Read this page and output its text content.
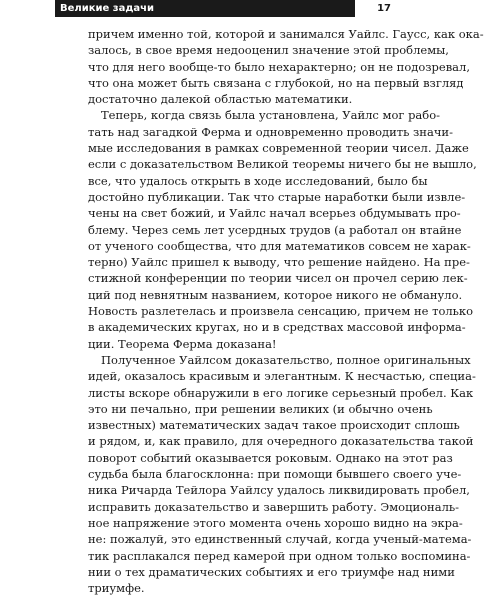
Великие задачи	17
причем именно той, которой и занимался Уайлс. Гаусс, как ока-
залось, в свое время недооценил значение этой проблемы,
что для него вообще-то было нехарактерно; он не подозревал,
что она может быть связана с глубокой, но на первый взгляд
достаточно далекой областью математики.
Теперь, когда связь была установлена, Уайлс мог рабо-
тать над загадкой Ферма и одновременно проводить значи-
мые исследования в рамках современной теории чисел. Даже
если с доказательством Великой теоремы ничего бы не вышло,
все, что удалось открыть в ходе исследований, было бы
достойно публикации. Так что старые наработки были извле-
чены на свет божий, и Уайлс начал всерьез обдумывать про-
блему. Через семь лет усердных трудов (а работал он втайне
от ученого сообщества, что для математиков совсем не харак-
терно) Уайлс пришел к выводу, что решение найдено. На пре-
стижной конференции по теории чисел он прочел серию лек-
ций под невнятным названием, которое никого не обмануло.
Новость разлетелась и произвела сенсацию, причем не только
в академических кругах, но и в средствах массовой информа-
ции. Теорема Ферма доказана!
Полученное Уайлсом доказательство, полное оригинальных
идей, оказалось красивым и элегантным. К несчастью, специа-
листы вскоре обнаружили в его логике серьезный пробел. Как
это ни печально, при решении великих (и обычно очень
известных) математических задач такое происходит сплошь
и рядом, и, как правило, для очередного доказательства такой
поворот событий оказывается роковым. Однако на этот раз
судьба была благосклонна: при помощи бывшего своего уче-
ника Ричарда Тейлора Уайлсу удалось ликвидировать пробел,
исправить доказательство и завершить работу. Эмоциональ-
ное напряжение этого момента очень хорошо видно на экра-
не: пожалуй, это единственный случай, когда ученый-матема-
тик расплакался перед камерой при одном только воспомина-
нии о тех драматических событиях и его триумфе над ними
триумфе.
